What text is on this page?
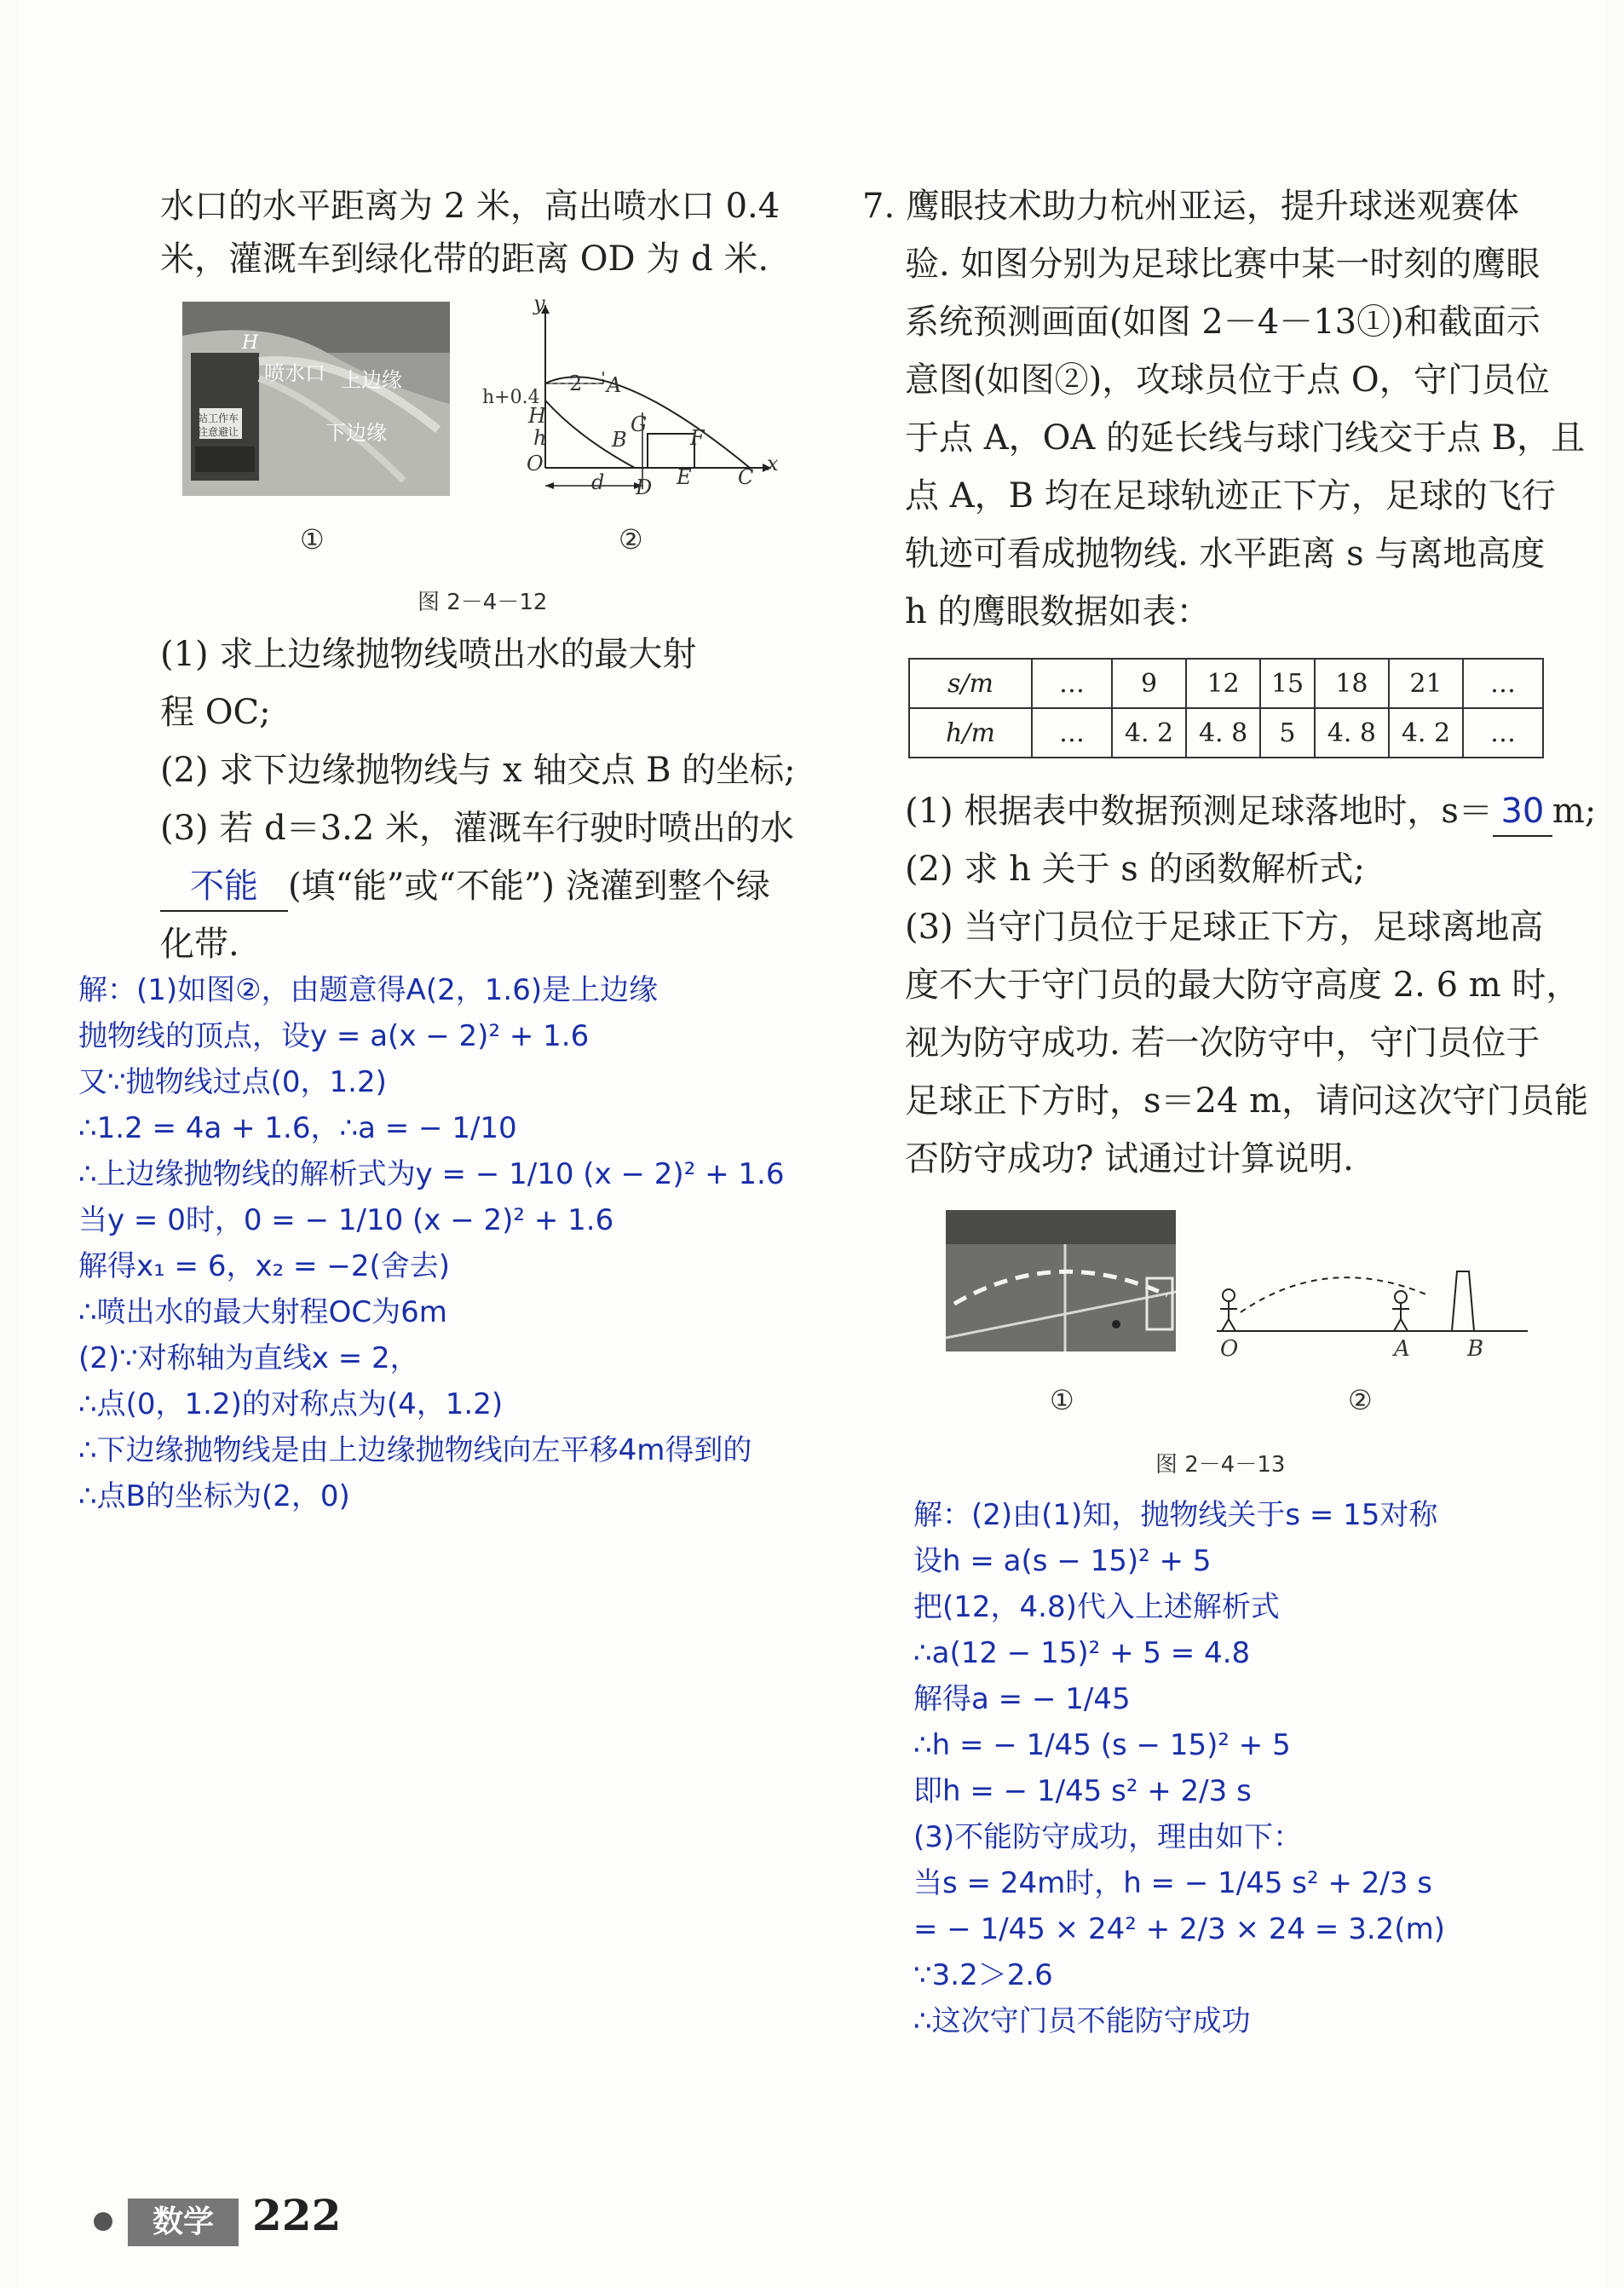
水口的水平距离为 2 米，高出喷水口 0.4
米，灌溉车到绿化带的距离 OD 为 d 米.
H
喷水口 上边缘
下边缘
站工作车
注意避让
y
h+0.4
2 A
H
h	B
G
F
O
d D E C
x
①	②
图 2－4－12
(1) 求上边缘抛物线喷出水的最大射
程 OC;
(2) 求下边缘抛物线与 x 轴交点 B 的坐标;
(3) 若 d＝3.2 米，灌溉车行驶时喷出的水
不能 (填“能”或“不能”) 浇灌到整个绿
化带.
解：(1)如图②，由题意得A(2，1.6)是上边缘
抛物线的顶点，设y = a(x − 2)² + 1.6
又∵抛物线过点(0，1.2)
∴1.2 = 4a + 1.6，∴a = − 1/10
∴上边缘抛物线的解析式为y = − 1/10 (x − 2)² + 1.6
当y = 0时，0 = − 1/10 (x − 2)² + 1.6
解得x₁ = 6，x₂ = −2(舍去)
∴喷出水的最大射程OC为6m
(2)∵对称轴为直线x = 2，
∴点(0，1.2)的对称点为(4，1.2)
∴下边缘抛物线是由上边缘抛物线向左平移4m得到的
∴点B的坐标为(2，0)
7. 鹰眼技术助力杭州亚运，提升球迷观赛体
验. 如图分别为足球比赛中某一时刻的鹰眼
系统预测画面(如图 2－4－13①)和截面示
意图(如图②)，攻球员位于点 O，守门员位
于点 A，OA 的延长线与球门线交于点 B，且
点 A，B 均在足球轨迹正下方，足球的飞行
轨迹可看成抛物线. 水平距离 s 与离地高度
h 的鹰眼数据如表：
s/m	…	9	12	15	18	21	…
h/m	…	4. 2	4. 8	5	4. 8	4. 2	…
(1) 根据表中数据预测足球落地时，s＝ 30 m;
(2) 求 h 关于 s 的函数解析式;
(3) 当守门员位于足球正下方，足球离地高
度不大于守门员的最大防守高度 2. 6 m 时，
视为防守成功. 若一次防守中，守门员位于
足球正下方时，s＝24 m，请问这次守门员能
否防守成功? 试通过计算说明.
O	A	B
①	②
图 2－4－13
解：(2)由(1)知，抛物线关于s = 15对称
设h = a(s − 15)² + 5
把(12，4.8)代入上述解析式
∴a(12 − 15)² + 5 = 4.8
解得a = − 1/45
∴h = − 1/45 (s − 15)² + 5
即h = − 1/45 s² + 2/3 s
(3)不能防守成功，理由如下：
当s = 24m时，h = − 1/45 s² + 2/3 s
= − 1/45 × 24² + 2/3 × 24 = 3.2(m)
∵3.2＞2.6
∴这次守门员不能防守成功
数学 222
